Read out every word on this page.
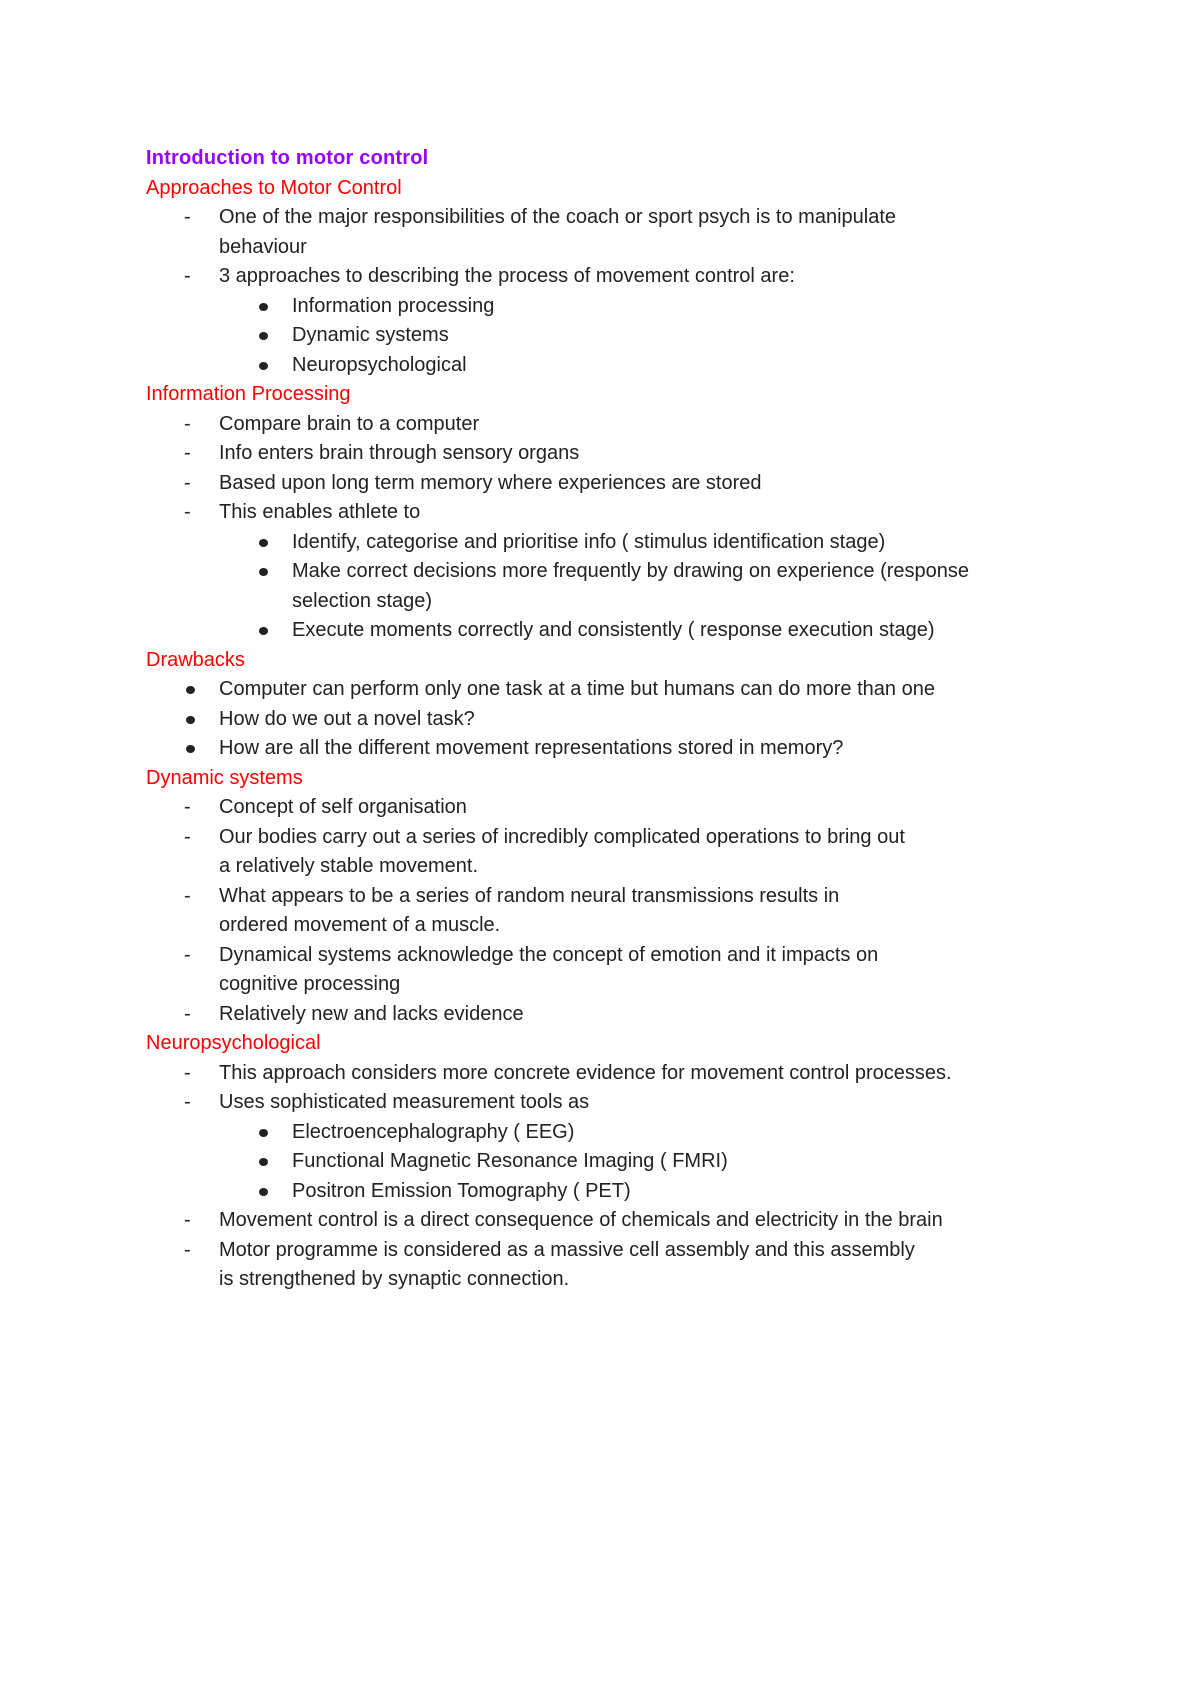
Introduction to motor control
Approaches to Motor Control
- One of the major responsibilities of the coach or sport psych is to manipulate behaviour
- 3 approaches to describing the process of movement control are:
Information processing
Dynamic systems
Neuropsychological
Information Processing
- Compare brain to a computer
- Info enters brain through sensory organs
- Based upon long term memory where experiences are stored
- This enables athlete to
Identify, categorise and prioritise info ( stimulus identification stage)
Make correct decisions more frequently by drawing on experience (response selection stage)
Execute moments correctly and consistently ( response execution stage)
Drawbacks
Computer can perform only one task at a time but humans can do more than one
How do we out a novel task?
How are all the different movement representations stored in memory?
Dynamic systems
- Concept of self organisation
- Our bodies carry out a series of incredibly complicated operations to bring out a relatively stable movement.
- What appears to be a series of random neural transmissions results in ordered movement of a muscle.
- Dynamical systems acknowledge the concept of emotion and it impacts on cognitive processing
- Relatively new and lacks evidence
Neuropsychological
- This approach considers more concrete evidence for movement control processes.
- Uses sophisticated measurement tools as
Electroencephalography ( EEG)
Functional Magnetic Resonance Imaging ( FMRI)
Positron Emission Tomography ( PET)
- Movement control is a direct consequence of chemicals and electricity in the brain
- Motor programme is considered as a massive cell assembly and this assembly is strengthened by synaptic connection.
